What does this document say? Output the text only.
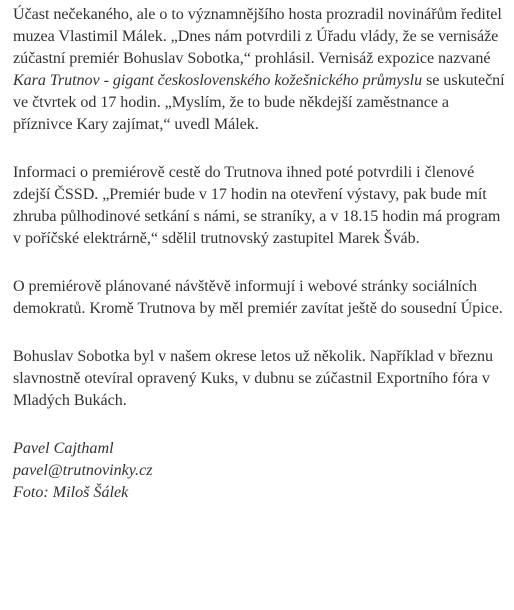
Účast nečekaného, ale o to významnějšího hosta prozradil novinářům ředitel muzea Vlastimil Málek. „Dnes nám potvrdili z Úřadu vlády, že se vernisáže zúčastní premiér Bohuslav Sobotka,“ prohlásil. Vernisáž expozice nazvané Kara Trutnov - gigant československého kožešnického průmyslu se uskuteční ve čtvrtek od 17 hodin. „Myslím, že to bude někdejší zaměstnance a příznivce Kary zajímat,“ uvedl Málek.

Informaci o premiérově cestě do Trutnova ihned poté potvrdili i členové zdejší ČSSD. „Premiér bude v 17 hodin na otevření výstavy, pak bude mít zhruba půlhodinové setkání s námi, se straníky, a v 18.15 hodin má program v poříčské elektrárně,“ sdělil trutnovský zastupitel Marek Šváb.

O premiérově plánované návštěvě informují i webové stránky sociálních demokratů. Kromě Trutnova by měl premiér zavítat ještě do sousední Úpice.

Bohuslav Sobotka byl v našem okrese letos už několik. Například v březnu slavnostně otevíral opravený Kuks, v dubnu se zúčastnil Exportního fóra v Mladých Bukách.

Pavel Cajthaml
pavel@trutnovinky.cz
Foto: Miloš Šálek
